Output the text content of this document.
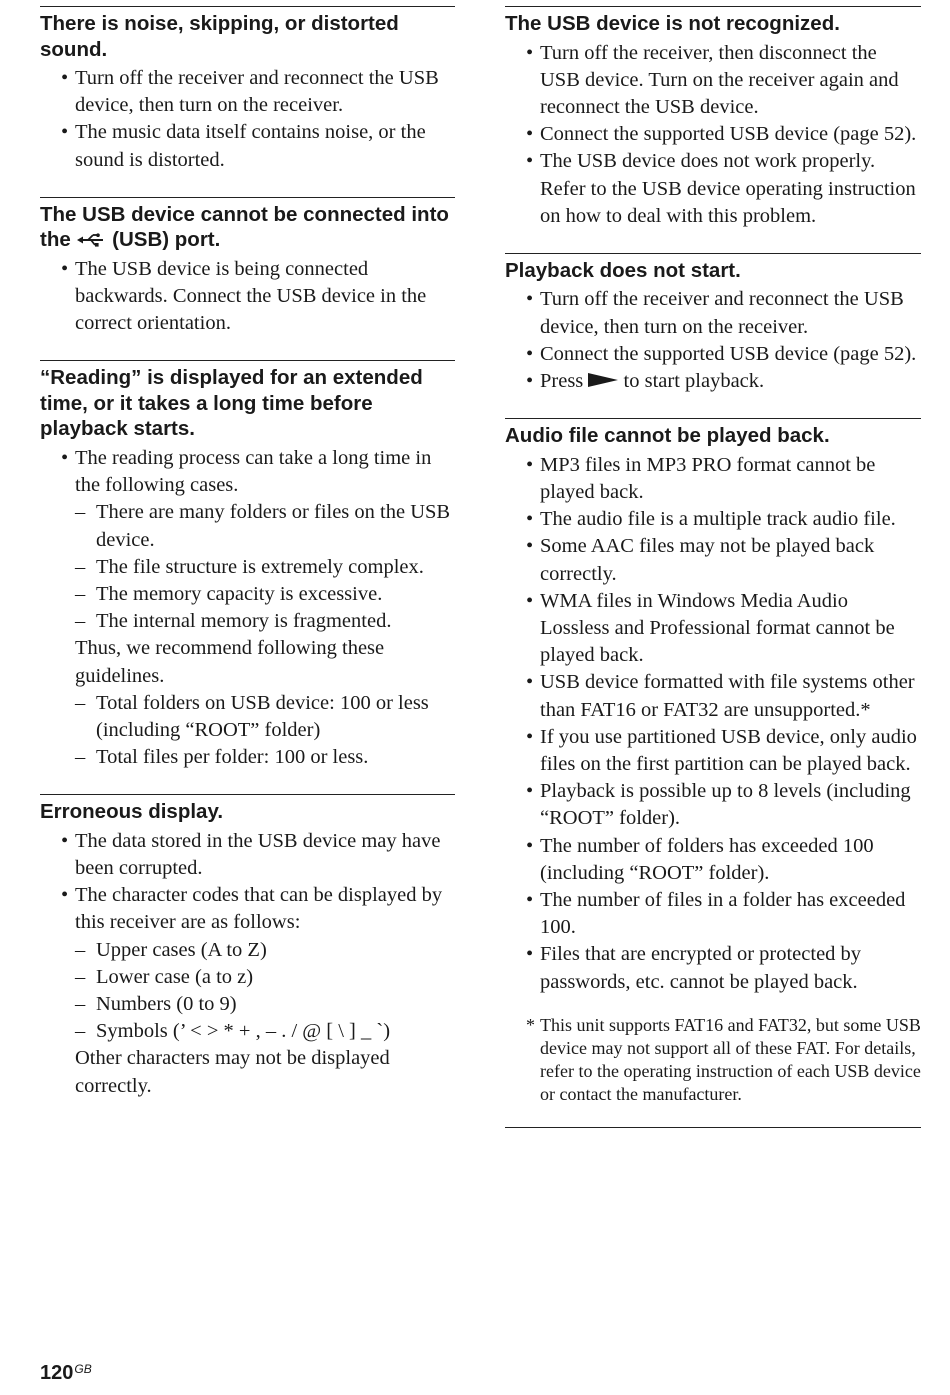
There is noise, skipping, or distorted sound.
• Turn off the receiver and reconnect the USB device, then turn on the receiver.
• The music data itself contains noise, or the sound is distorted.
The USB device cannot be connected into the (USB) port.
• The USB device is being connected backwards. Connect the USB device in the correct orientation.
“Reading” is displayed for an extended time, or it takes a long time before playback starts.
• The reading process can take a long time in the following cases.
– There are many folders or files on the USB device.
– The file structure is extremely complex.
– The memory capacity is excessive.
– The internal memory is fragmented.
Thus, we recommend following these guidelines.
– Total folders on USB device: 100 or less (including “ROOT” folder)
– Total files per folder: 100 or less.
Erroneous display.
• The data stored in the USB device may have been corrupted.
• The character codes that can be displayed by this receiver are as follows:
– Upper cases (A to Z)
– Lower case (a to z)
– Numbers (0 to 9)
– Symbols (’ < > * + , – . / @ [ \ ] _ `)
Other characters may not be displayed correctly.
The USB device is not recognized.
• Turn off the receiver, then disconnect the USB device. Turn on the receiver again and reconnect the USB device.
• Connect the supported USB device (page 52).
• The USB device does not work properly. Refer to the USB device operating instruction on how to deal with this problem.
Playback does not start.
• Turn off the receiver and reconnect the USB device, then turn on the receiver.
• Connect the supported USB device (page 52).
• Press to start playback.
Audio file cannot be played back.
• MP3 files in MP3 PRO format cannot be played back.
• The audio file is a multiple track audio file.
• Some AAC files may not be played back correctly.
• WMA files in Windows Media Audio Lossless and Professional format cannot be played back.
• USB device formatted with file systems other than FAT16 or FAT32 are unsupported.*
• If you use partitioned USB device, only audio files on the first partition can be played back.
• Playback is possible up to 8 levels (including “ROOT” folder).
• The number of folders has exceeded 100 (including “ROOT” folder).
• The number of files in a folder has exceeded 100.
• Files that are encrypted or protected by passwords, etc. cannot be played back.
* This unit supports FAT16 and FAT32, but some USB device may not support all of these FAT. For details, refer to the operating instruction of each USB device or contact the manufacturer.
$120^{GB}$
